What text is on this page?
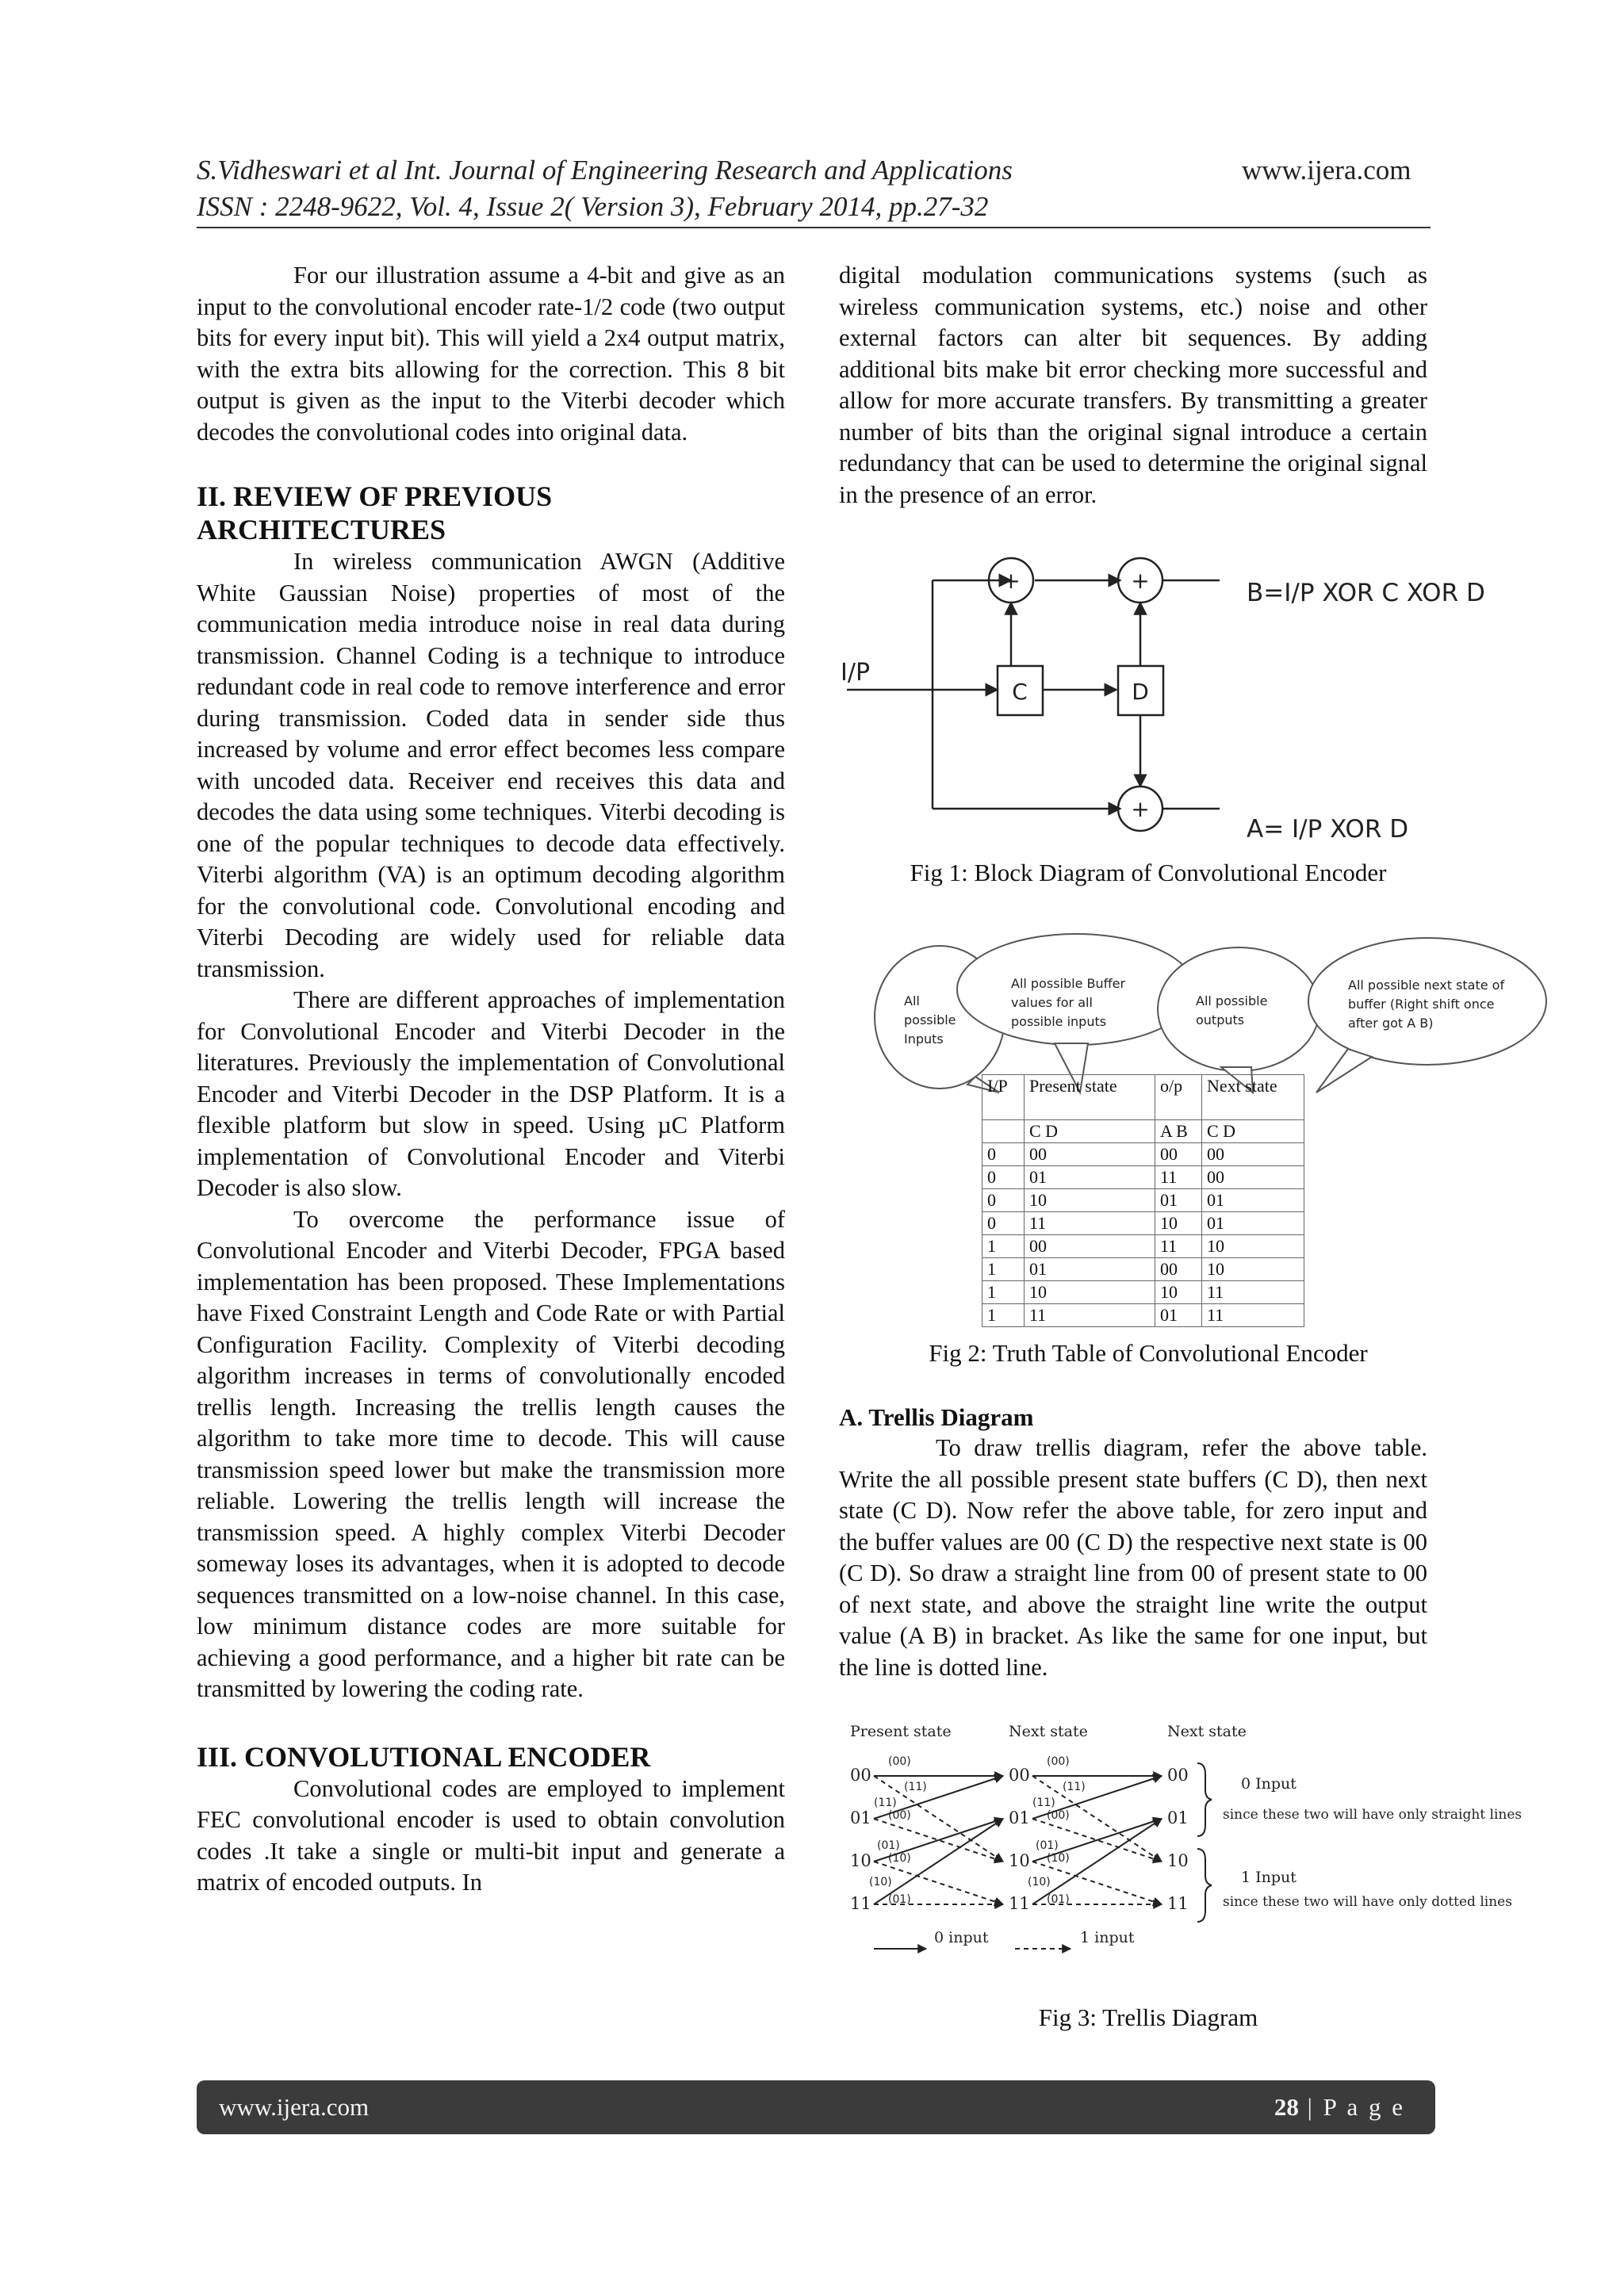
S.Vidheswari et al Int. Journal of Engineering Research and Applications	www.ijera.com
ISSN : 2248-9622, Vol. 4, Issue 2( Version 3), February 2014, pp.27-32

For our illustration assume a 4-bit and give as an input to the convolutional encoder rate-1/2 code (two output bits for every input bit). This will yield a 2x4 output matrix, with the extra bits allowing for the correction. This 8 bit output is given as the input to the Viterbi decoder which decodes the convolutional codes into original data.

II. REVIEW OF PREVIOUS

ARCHITECTURES

In wireless communication AWGN (Additive White Gaussian Noise) properties of most of the communication media introduce noise in real data during transmission. Channel Coding is a technique to introduce redundant code in real code to remove interference and error during transmission. Coded data in sender side thus increased by volume and error effect becomes less compare with uncoded data. Receiver end receives this data and decodes the data using some techniques. Viterbi decoding is one of the popular techniques to decode data effectively. Viterbi algorithm (VA) is an optimum decoding algorithm for the convolutional code. Convolutional encoding and Viterbi Decoding are widely used for reliable data transmission.

There are different approaches of implementation for Convolutional Encoder and Viterbi Decoder in the literatures. Previously the implementation of Convolutional Encoder and Viterbi Decoder in the DSP Platform. It is a flexible platform but slow in speed. Using µC Platform implementation of Convolutional Encoder and Viterbi Decoder is also slow.

To overcome the performance issue of Convolutional Encoder and Viterbi Decoder, FPGA based implementation has been proposed. These Implementations have Fixed Constraint Length and Code Rate or with Partial Configuration Facility. Complexity of Viterbi decoding algorithm increases in terms of convolutionally encoded trellis length. Increasing the trellis length causes the algorithm to take more time to decode. This will cause transmission speed lower but make the transmission more reliable. Lowering the trellis length will increase the transmission speed. A highly complex Viterbi Decoder someway loses its advantages, when it is adopted to decode sequences transmitted on a low-noise channel. In this case, low minimum distance codes are more suitable for achieving a good performance, and a higher bit rate can be transmitted by lowering the coding rate.

III. CONVOLUTIONAL ENCODER

Convolutional codes are employed to implement FEC convolutional encoder is used to obtain convolution codes .It take a single or multi-bit input and generate a matrix of encoded outputs. In

digital modulation communications systems (such as wireless communication systems, etc.) noise and other external factors can alter bit sequences. By adding additional bits make bit error checking more successful and allow for more accurate transfers. By transmitting a greater number of bits than the original signal introduce a certain redundancy that can be used to determine the original signal in the presence of an error.

+	+
+
C	D
I/P
B=I/P XOR C XOR D
A= I/P XOR D
Fig 1: Block Diagram of Convolutional Encoder
All
possible
Inputs
All possible Buffer
values for all
possible inputs
All possible
outputs
All possible next state of
buffer (Right shift once
after got A B)
I/P	Present state	o/p	Next state
	C D	A B	C D
0	00	00	00
0	01	11	00
0	10	01	01
0	11	10	01
1	00	11	10
1	01	00	10
1	10	10	11
1	11	01	11
Fig 2: Truth Table of Convolutional Encoder

A. Trellis Diagram

To draw trellis diagram, refer the above table. Write the all possible present state buffers (C D), then next state (C D). Now refer the above table, for zero input and the buffer values are 00 (C D) the respective next state is 00 (C D). So draw a straight line from 00 of present state to 00 of next state, and above the straight line write the output value (A B) in bracket. As like the same for one input, but the line is dotted line.

Present state	Next state	Next state
00
01
10
11
00
01
10
11
00
01
10
11
(00)
(11)
(11)
(00)
(01)
(10)
(10)
(01)
(00)
(11)
(11)
(00)
(01)
(10)
(10)
(01)
0 Input
since these two will have only straight lines
1 Input
since these two will have only dotted lines
0 input	1 input
Fig 3: Trellis Diagram
www.ijera.com	28 | P a g e
